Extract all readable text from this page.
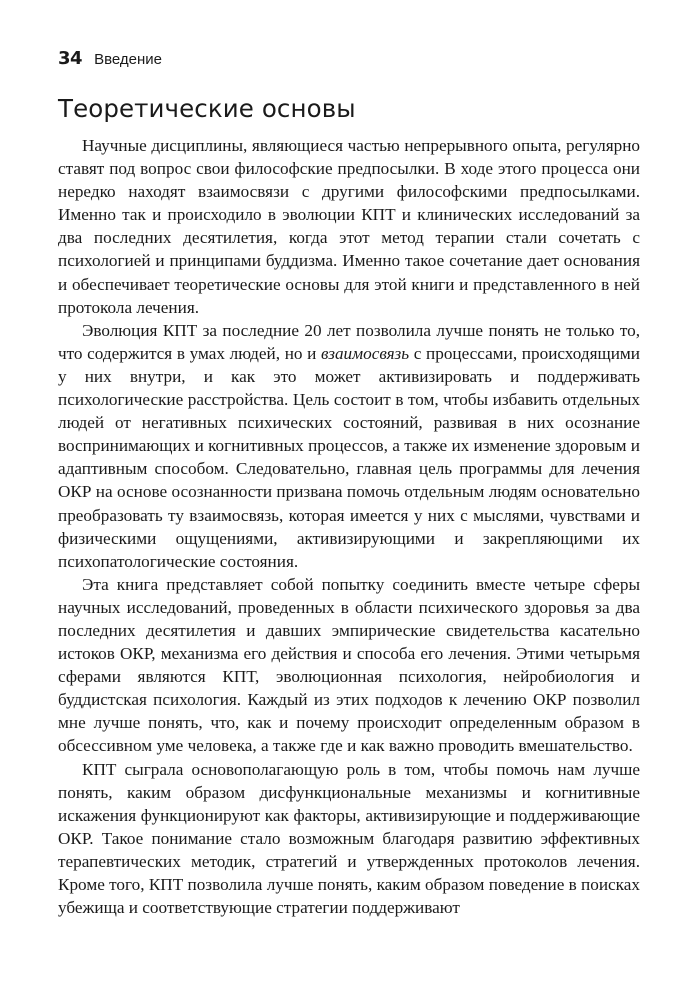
34 Введение
Теоретические основы

Научные дисциплины, являющиеся частью непрерывного опыта, регулярно ставят под вопрос свои философские предпосылки. В ходе этого процесса они нередко находят взаимосвязи с другими философскими предпосылками. Именно так и происходило в эволюции КПТ и клинических исследований за два последних десятилетия, когда этот метод терапии стали сочетать с психологией и принципами буддизма. Именно такое сочетание дает основания и обеспечивает теоретические основы для этой книги и представленного в ней протокола лечения.

Эволюция КПТ за последние 20 лет позволила лучше понять не только то, что содержится в умах людей, но и взаимосвязь с процессами, происходящими у них внутри, и как это может активизировать и поддерживать психологические расстройства. Цель состоит в том, чтобы избавить отдельных людей от негативных психических состояний, развивая в них осознание воспринимающих и когнитивных процессов, а также их изменение здоровым и адаптивным способом. Следовательно, главная цель программы для лечения ОКР на основе осознанности призвана помочь отдельным людям основательно преобразовать ту взаимосвязь, которая имеется у них с мыслями, чувствами и физическими ощущениями, активизирующими и закрепляющими их психопатологические состояния.

Эта книга представляет собой попытку соединить вместе четыре сферы научных исследований, проведенных в области психического здоровья за два последних десятилетия и давших эмпирические свидетельства касательно истоков ОКР, механизма его действия и способа его лечения. Этими четырьмя сферами являются КПТ, эволюционная психология, нейробиология и буддистская психология. Каждый из этих подходов к лечению ОКР позволил мне лучше понять, что, как и почему происходит определенным образом в обсессивном уме человека, а также где и как важно проводить вмешательство.

КПТ сыграла основополагающую роль в том, чтобы помочь нам лучше понять, каким образом дисфункциональные механизмы и когнитивные искажения функционируют как факторы, активизирующие и поддерживающие ОКР. Такое понимание стало возможным благодаря развитию эффективных терапевтических методик, стратегий и утвержденных протоколов лечения. Кроме того, КПТ позволила лучше понять, каким образом поведение в поисках убежища и соответствующие стратегии поддерживают
